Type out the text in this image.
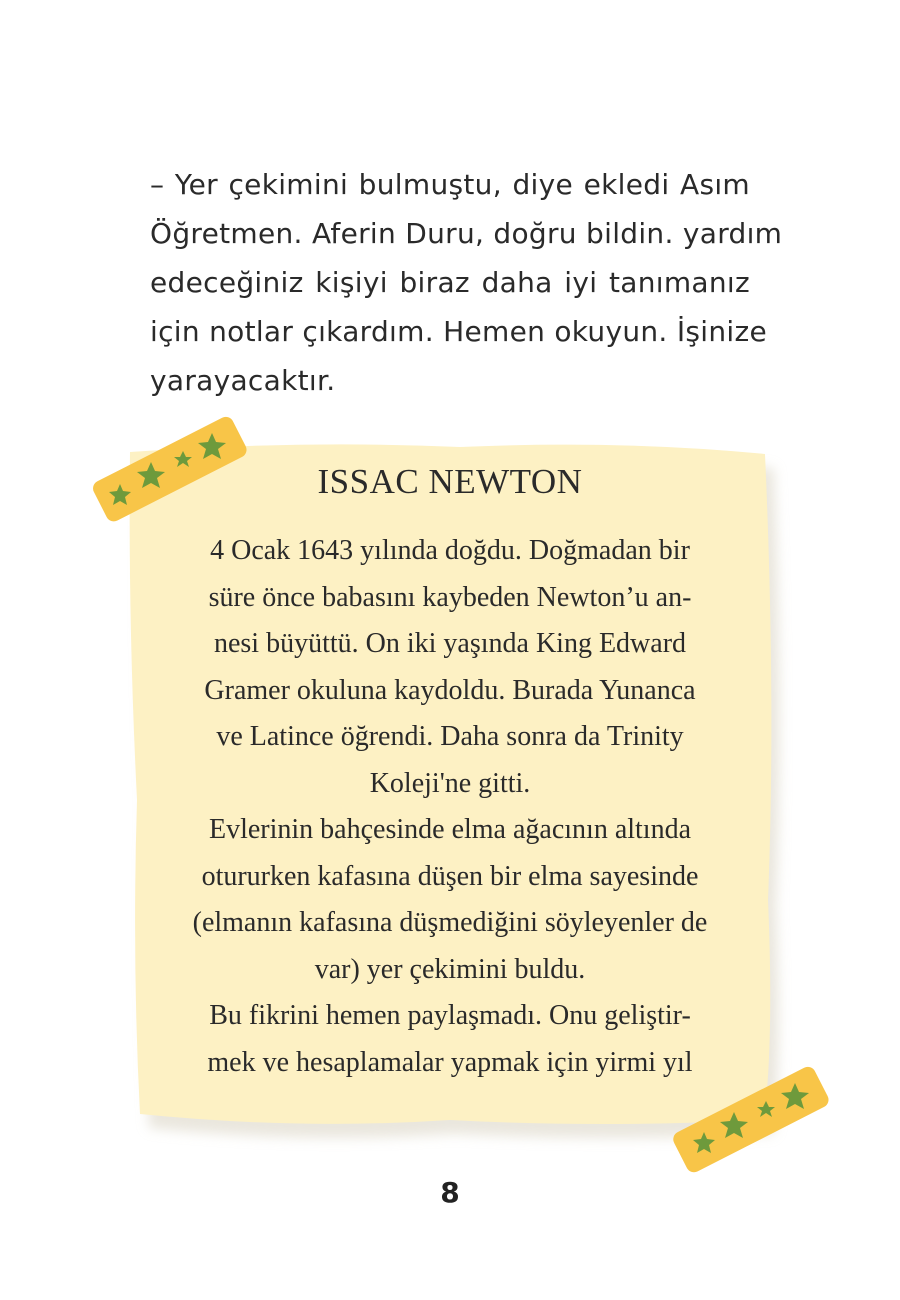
– Yer çekimini bulmuştu, diye ekledi Asım
Öğretmen. Aferin Duru, doğru bildin. yardım
edeceğiniz kişiyi biraz daha iyi tanımanız
için notlar çıkardım. Hemen okuyun. İşinize
yarayacaktır.
ISSAC NEWTON
4 Ocak 1643 yılında doğdu. Doğmadan bir
süre önce babasını kaybeden Newton’u an-
nesi büyüttü. On iki yaşında King Edward
Gramer okuluna kaydoldu. Burada Yunanca
ve Latince öğrendi. Daha sonra da Trinity
Koleji'ne gitti.
Evlerinin bahçesinde elma ağacının altında
otururken kafasına düşen bir elma sayesinde
(elmanın kafasına düşmediğini söyleyenler de
var) yer çekimini buldu.
Bu fikrini hemen paylaşmadı. Onu geliştir-
mek ve hesaplamalar yapmak için yirmi yıl
8
